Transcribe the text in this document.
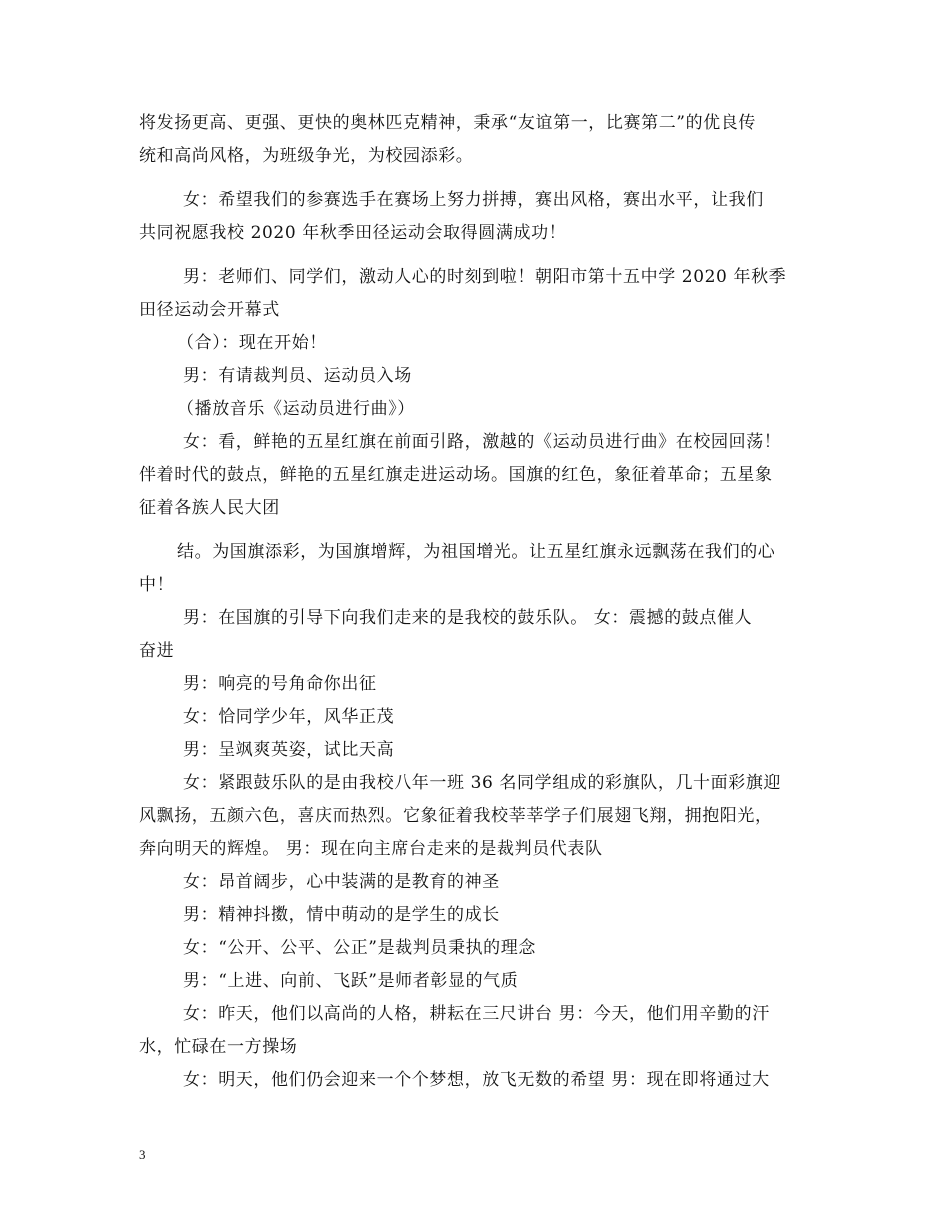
将发扬更高、更强、更快的奥林匹克精神，秉承“友谊第一，比赛第二”的优良传
统和高尚风格，为班级争光，为校园添彩。
女：希望我们的参赛选手在赛场上努力拼搏，赛出风格，赛出水平，让我们
共同祝愿我校 2020 年秋季田径运动会取得圆满成功！
男：老师们、同学们，激动人心的时刻到啦！朝阳市第十五中学 2020 年秋季
田径运动会开幕式
（合）：现在开始！
男：有请裁判员、运动员入场
（播放音乐《运动员进行曲》）
女：看，鲜艳的五星红旗在前面引路，激越的《运动员进行曲》在校园回荡！
伴着时代的鼓点，鲜艳的五星红旗走进运动场。国旗的红色，象征着革命；五星象
征着各族人民大团
结。为国旗添彩，为国旗增辉，为祖国增光。让五星红旗永远飘荡在我们的心
中！
男：在国旗的引导下向我们走来的是我校的鼓乐队。 女：震撼的鼓点催人
奋进
男：响亮的号角命你出征
女：恰同学少年，风华正茂
男：呈飒爽英姿，试比天高
女：紧跟鼓乐队的是由我校八年一班 36 名同学组成的彩旗队，几十面彩旗迎
风飘扬，五颜六色，喜庆而热烈。它象征着我校莘莘学子们展翅飞翔，拥抱阳光，
奔向明天的辉煌。 男：现在向主席台走来的是裁判员代表队
女：昂首阔步，心中装满的是教育的神圣
男：精神抖擞，情中萌动的是学生的成长
女：“公开、公平、公正”是裁判员秉执的理念
男：“上进、向前、飞跃”是师者彰显的气质
女：昨天，他们以高尚的人格，耕耘在三尺讲台 男：今天，他们用辛勤的汗
水，忙碌在一方操场
女：明天，他们仍会迎来一个个梦想，放飞无数的希望 男：现在即将通过大
3
